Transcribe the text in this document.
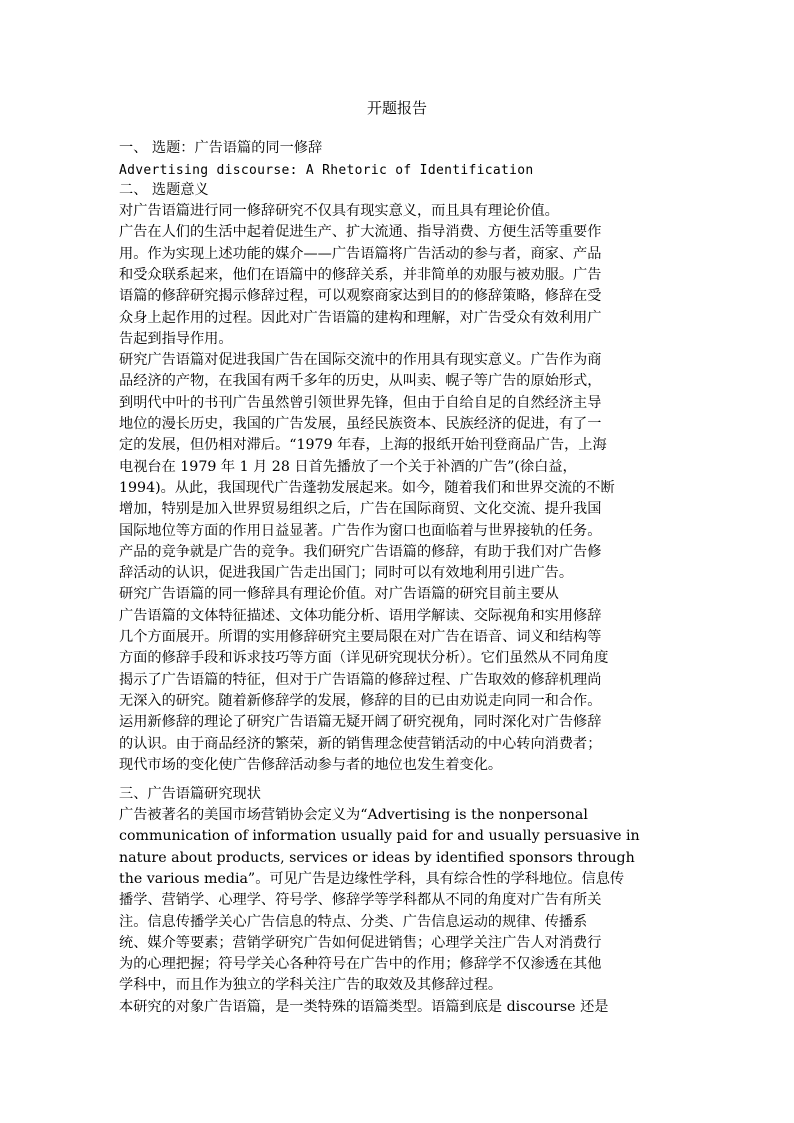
开题报告
一、 选题：广告语篇的同一修辞
Advertising discourse: A Rhetoric of Identification
二、 选题意义
对广告语篇进行同一修辞研究不仅具有现实意义，而且具有理论价值。
广告在人们的生活中起着促进生产、扩大流通、指导消费、方便生活等重要作
用。作为实现上述功能的媒介——广告语篇将广告活动的参与者，商家、产品
和受众联系起来，他们在语篇中的修辞关系，并非简单的劝服与被劝服。广告
语篇的修辞研究揭示修辞过程，可以观察商家达到目的的修辞策略，修辞在受
众身上起作用的过程。因此对广告语篇的建构和理解，对广告受众有效利用广
告起到指导作用。
研究广告语篇对促进我国广告在国际交流中的作用具有现实意义。广告作为商
品经济的产物，在我国有两千多年的历史，从叫卖、幌子等广告的原始形式，
到明代中叶的书刊广告虽然曾引领世界先锋，但由于自给自足的自然经济主导
地位的漫长历史，我国的广告发展，虽经民族资本、民族经济的促进，有了一
定的发展，但仍相对滞后。“1979 年春，上海的报纸开始刊登商品广告，上海
电视台在 1979 年 1 月 28 日首先播放了一个关于补酒的广告”(徐白益，
1994)。从此，我国现代广告蓬勃发展起来。如今，随着我们和世界交流的不断
增加，特别是加入世界贸易组织之后，广告在国际商贸、文化交流、提升我国
国际地位等方面的作用日益显著。广告作为窗口也面临着与世界接轨的任务。
产品的竞争就是广告的竞争。我们研究广告语篇的修辞，有助于我们对广告修
辞活动的认识，促进我国广告走出国门；同时可以有效地利用引进广告。
研究广告语篇的同一修辞具有理论价值。对广告语篇的研究目前主要从
广告语篇的文体特征描述、文体功能分析、语用学解读、交际视角和实用修辞
几个方面展开。所谓的实用修辞研究主要局限在对广告在语音、词义和结构等
方面的修辞手段和诉求技巧等方面（详见研究现状分析）。它们虽然从不同角度
揭示了广告语篇的特征，但对于广告语篇的修辞过程、广告取效的修辞机理尚
无深入的研究。随着新修辞学的发展，修辞的目的已由劝说走向同一和合作。
运用新修辞的理论了研究广告语篇无疑开阔了研究视角，同时深化对广告修辞
的认识。由于商品经济的繁荣，新的销售理念使营销活动的中心转向消费者；
现代市场的变化使广告修辞活动参与者的地位也发生着变化。
三、广告语篇研究现状
广告被著名的美国市场营销协会定义为“Advertising is the nonpersonal
communication of information usually paid for and usually persuasive in
nature about products, services or ideas by identified sponsors through
the various media”。可见广告是边缘性学科，具有综合性的学科地位。信息传
播学、营销学、心理学、符号学、修辞学等学科都从不同的角度对广告有所关
注。信息传播学关心广告信息的特点、分类、广告信息运动的规律、传播系
统、媒介等要素；营销学研究广告如何促进销售；心理学关注广告人对消费行
为的心理把握；符号学关心各种符号在广告中的作用；修辞学不仅渗透在其他
学科中，而且作为独立的学科关注广告的取效及其修辞过程。
本研究的对象广告语篇，是一类特殊的语篇类型。语篇到底是 discourse 还是
